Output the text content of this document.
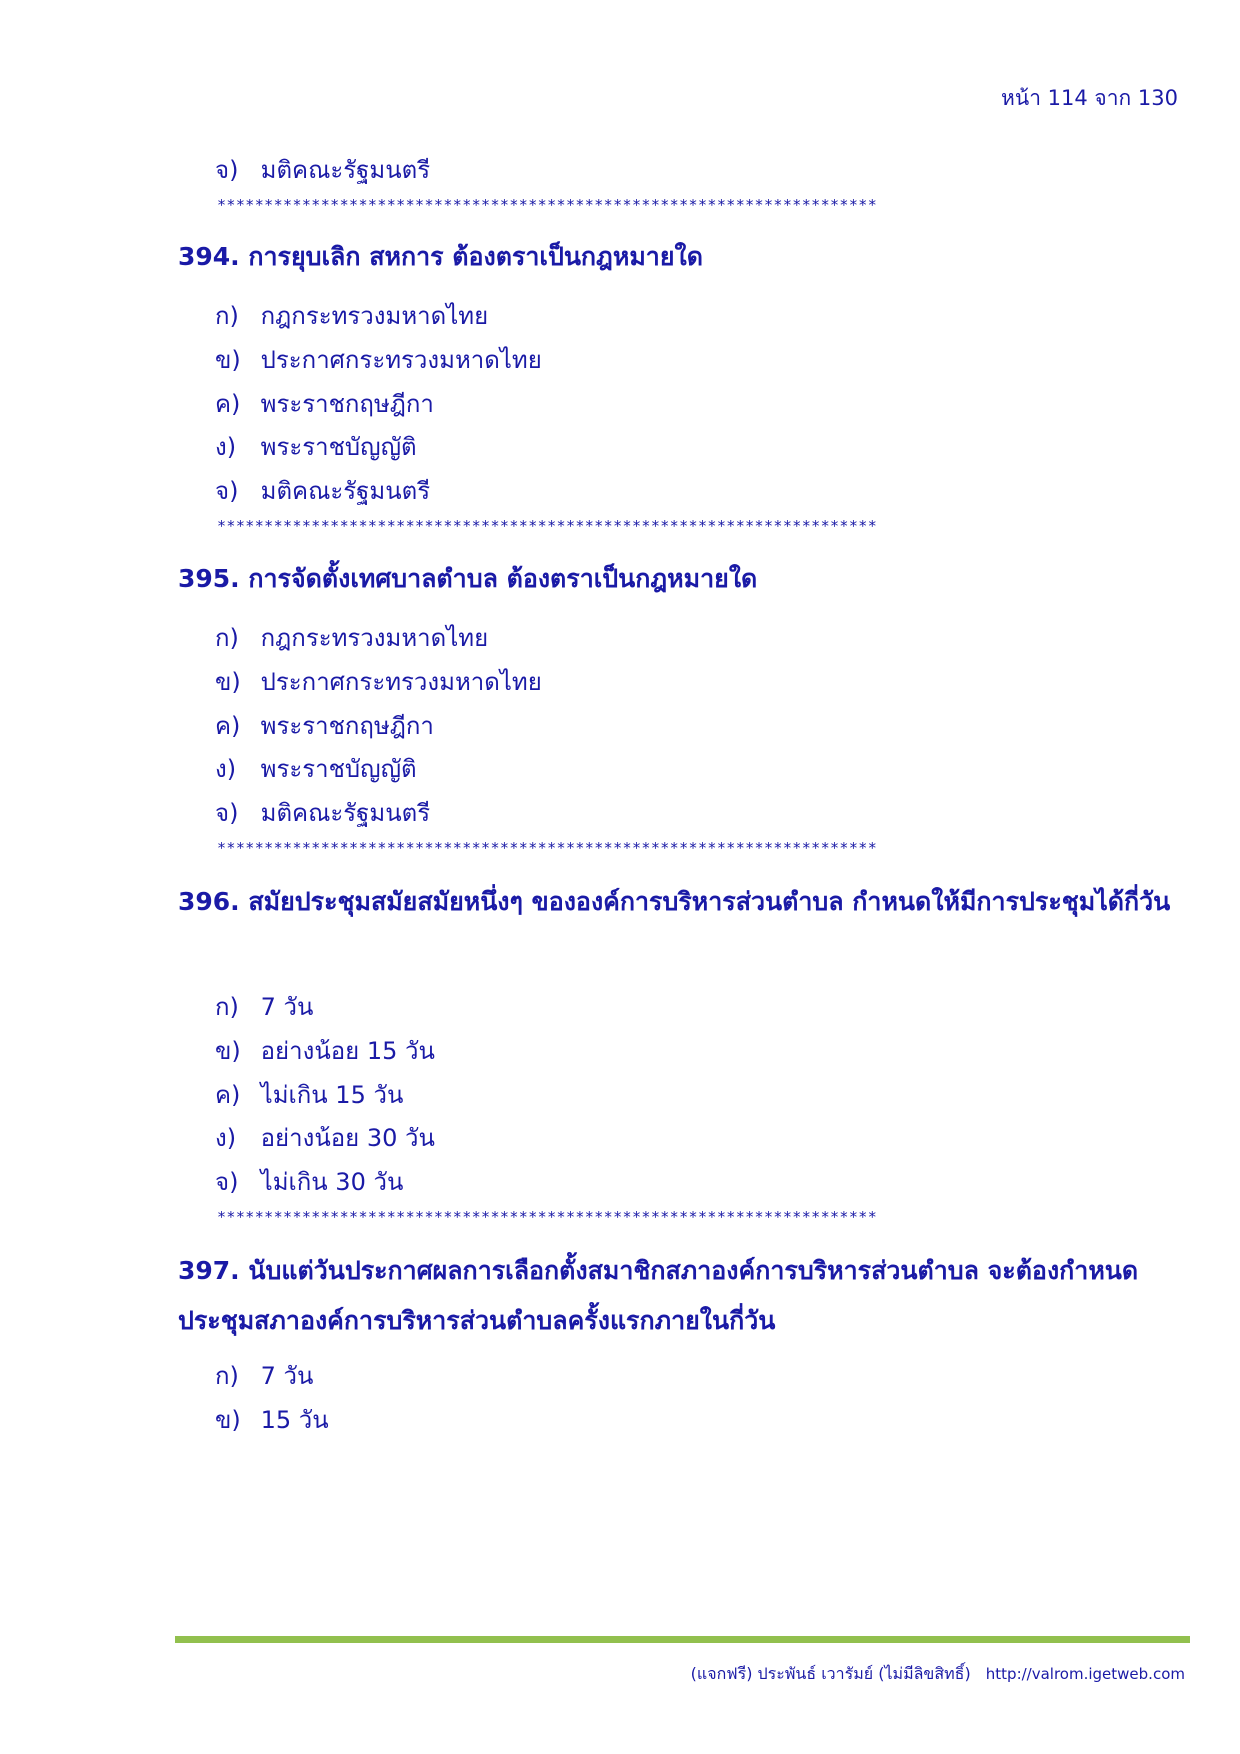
หน้า 114 จาก 130
จ) มติคณะรัฐมนตรี
**********************************************************************
394. การยุบเลิก สหการ ต้องตราเป็นกฎหมายใด
ก) กฎกระทรวงมหาดไทย
ข) ประกาศกระทรวงมหาดไทย
ค) พระราชกฤษฎีกา
ง) พระราชบัญญัติ
จ) มติคณะรัฐมนตรี
**********************************************************************
395. การจัดตั้งเทศบาลตำบล ต้องตราเป็นกฎหมายใด
ก) กฎกระทรวงมหาดไทย
ข) ประกาศกระทรวงมหาดไทย
ค) พระราชกฤษฎีกา
ง) พระราชบัญญัติ
จ) มติคณะรัฐมนตรี
**********************************************************************
396. สมัยประชุมสมัยสมัยหนึ่งๆ ขององค์การบริหารส่วนตำบล กำหนดให้มีการประชุมได้กี่วัน
ก) 7 วัน
ข) อย่างน้อย 15 วัน
ค) ไม่เกิน 15 วัน
ง) อย่างน้อย 30 วัน
จ) ไม่เกิน 30 วัน
**********************************************************************
397. นับแต่วันประกาศผลการเลือกตั้งสมาชิกสภาองค์การบริหารส่วนตำบล จะต้องกำหนดประชุมสภาองค์การบริหารส่วนตำบลครั้งแรกภายในกี่วัน
ก) 7 วัน
ข) 15 วัน
(แจกฟรี) ประพันธ์ เวารัมย์ (ไม่มีลิขสิทธิ์) http://valrom.igetweb.com
